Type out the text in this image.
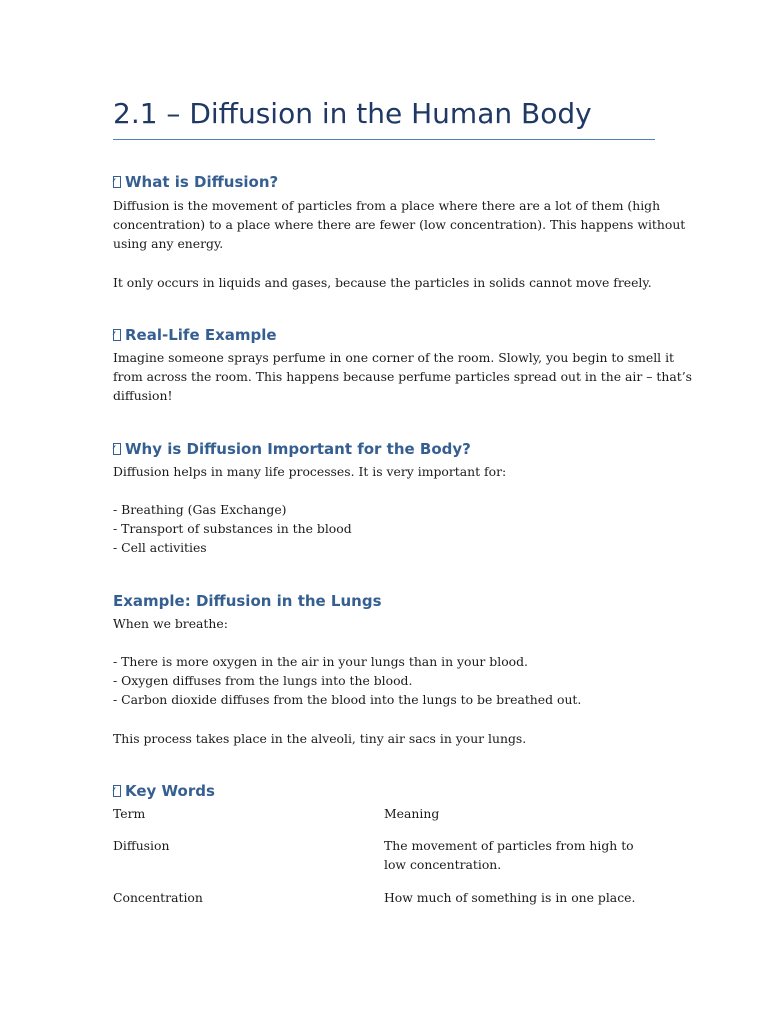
2.1 – Diffusion in the Human Body
What is Diffusion?

Diffusion is the movement of particles from a place where there are a lot of them (high
concentration) to a place where there are fewer (low concentration). This happens without
using any energy.

It only occurs in liquids and gases, because the particles in solids cannot move freely.

Real-Life Example

Imagine someone sprays perfume in one corner of the room. Slowly, you begin to smell it
from across the room. This happens because perfume particles spread out in the air – that’s
diffusion!

Why is Diffusion Important for the Body?

Diffusion helps in many life processes. It is very important for:

- Breathing (Gas Exchange)
- Transport of substances in the blood
- Cell activities

Example: Diffusion in the Lungs

When we breathe:

- There is more oxygen in the air in your lungs than in your blood.
- Oxygen diffuses from the lungs into the blood.
- Carbon dioxide diffuses from the blood into the lungs to be breathed out.

This process takes place in the alveoli, tiny air sacs in your lungs.

Key Words

Term	Meaning

Diffusion	The movement of particles from high to
low concentration.

Concentration	How much of something is in one place.
